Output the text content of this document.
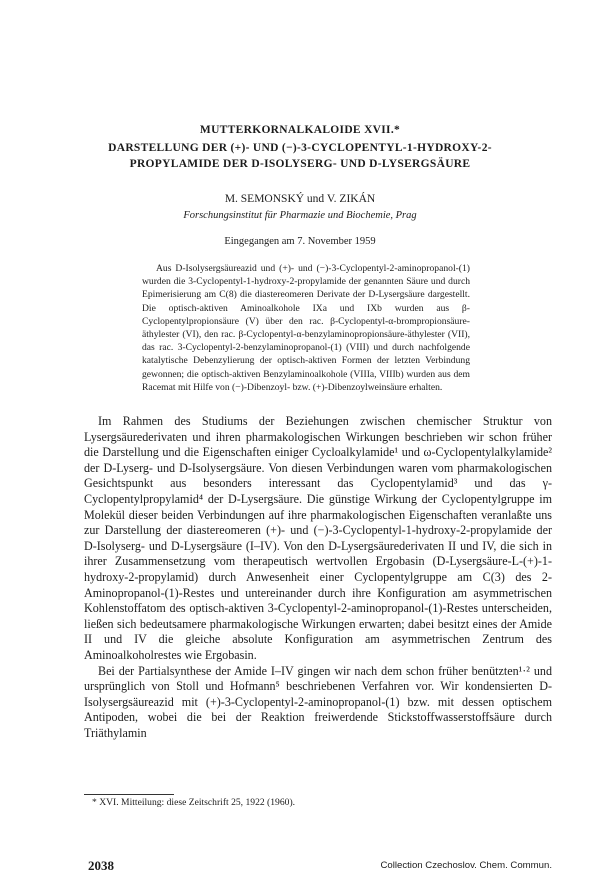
MUTTERKORNALKALOIDE XVII.*
DARSTELLUNG DER (+)- UND (−)-3-CYCLOPENTYL-1-HYDROXY-2-PROPYLAMIDE DER D-ISOLYSERG- UND D-LYSERGSÄURE
M. SEMONSKÝ und V. ZIKÁN
Forschungsinstitut für Pharmazie und Biochemie, Prag
Eingegangen am 7. November 1959
Aus D-Isolysergsäureazid und (+)- und (−)-3-Cyclopentyl-2-aminopropanol-(1) wurden die 3-Cyclopentyl-1-hydroxy-2-propylamide der genannten Säure und durch Epimerisierung am C(8) die diastereomeren Derivate der D-Lysergsäure dargestellt. Die optisch-aktiven Aminoalkohole IXa und IXb wurden aus β-Cyclopentylpropionsäure (V) über den rac. β-Cyclopentyl-α-brompropionsäure-äthylester (VI), den rac. β-Cyclopentyl-α-benzylaminopropionsäure-äthylester (VII), das rac. 3-Cyclopentyl-2-benzylaminopropanol-(1) (VIII) und durch nachfolgende katalytische Debenzylierung der optisch-aktiven Formen der letzten Verbindung gewonnen; die optisch-aktiven Benzylaminoalkohole (VIIIa, VIIIb) wurden aus dem Racemat mit Hilfe von (−)-Dibenzoyl- bzw. (+)-Dibenzoylweinsäure erhalten.

Im Rahmen des Studiums der Beziehungen zwischen chemischer Struktur von Lysergsäurederivaten und ihren pharmakologischen Wirkungen beschrieben wir schon früher die Darstellung und die Eigenschaften einiger Cycloalkylamide¹ und ω-Cyclopentylalkylamide² der D-Lyserg- und D-Isolysergsäure. Von diesen Verbindungen waren vom pharmakologischen Gesichtspunkt aus besonders interessant das Cyclopentylamid³ und das γ-Cyclopentylpropylamid⁴ der D-Lysergsäure. Die günstige Wirkung der Cyclopentylgruppe im Molekül dieser beiden Verbindungen auf ihre pharmakologischen Eigenschaften veranlaßte uns zur Darstellung der diastereomeren (+)- und (−)-3-Cyclopentyl-1-hydroxy-2-propylamide der D-Isolyserg- und D-Lysergsäure (I–IV). Von den D-Lysergsäurederivaten II und IV, die sich in ihrer Zusammensetzung vom therapeutisch wertvollen Ergobasin (D-Lysergsäure-L-(+)-1-hydroxy-2-propylamid) durch Anwesenheit einer Cyclopentylgruppe am C(3) des 2-Aminopropanol-(1)-Restes und untereinander durch ihre Konfiguration am asymmetrischen Kohlenstoffatom des optisch-aktiven 3-Cyclopentyl-2-aminopropanol-(1)-Restes unterscheiden, ließen sich bedeutsamere pharmakologische Wirkungen erwarten; dabei besitzt eines der Amide II und IV die gleiche absolute Konfiguration am asymmetrischen Zentrum des Aminoalkoholrestes wie Ergobasin.

Bei der Partialsynthese der Amide I–IV gingen wir nach dem schon früher benützten¹·² und ursprünglich von Stoll und Hofmann⁵ beschriebenen Verfahren vor. Wir kondensierten D-Isolysergsäureazid mit (+)-3-Cyclopentyl-2-aminopropanol-(1) bzw. mit dessen optischem Antipoden, wobei die bei der Reaktion freiwerdende Stickstoffwasserstoffsäure durch Triäthylamin

* XVI. Mitteilung: diese Zeitschrift 25, 1922 (1960).
2038	Collection Czechoslov. Chem. Commun.
